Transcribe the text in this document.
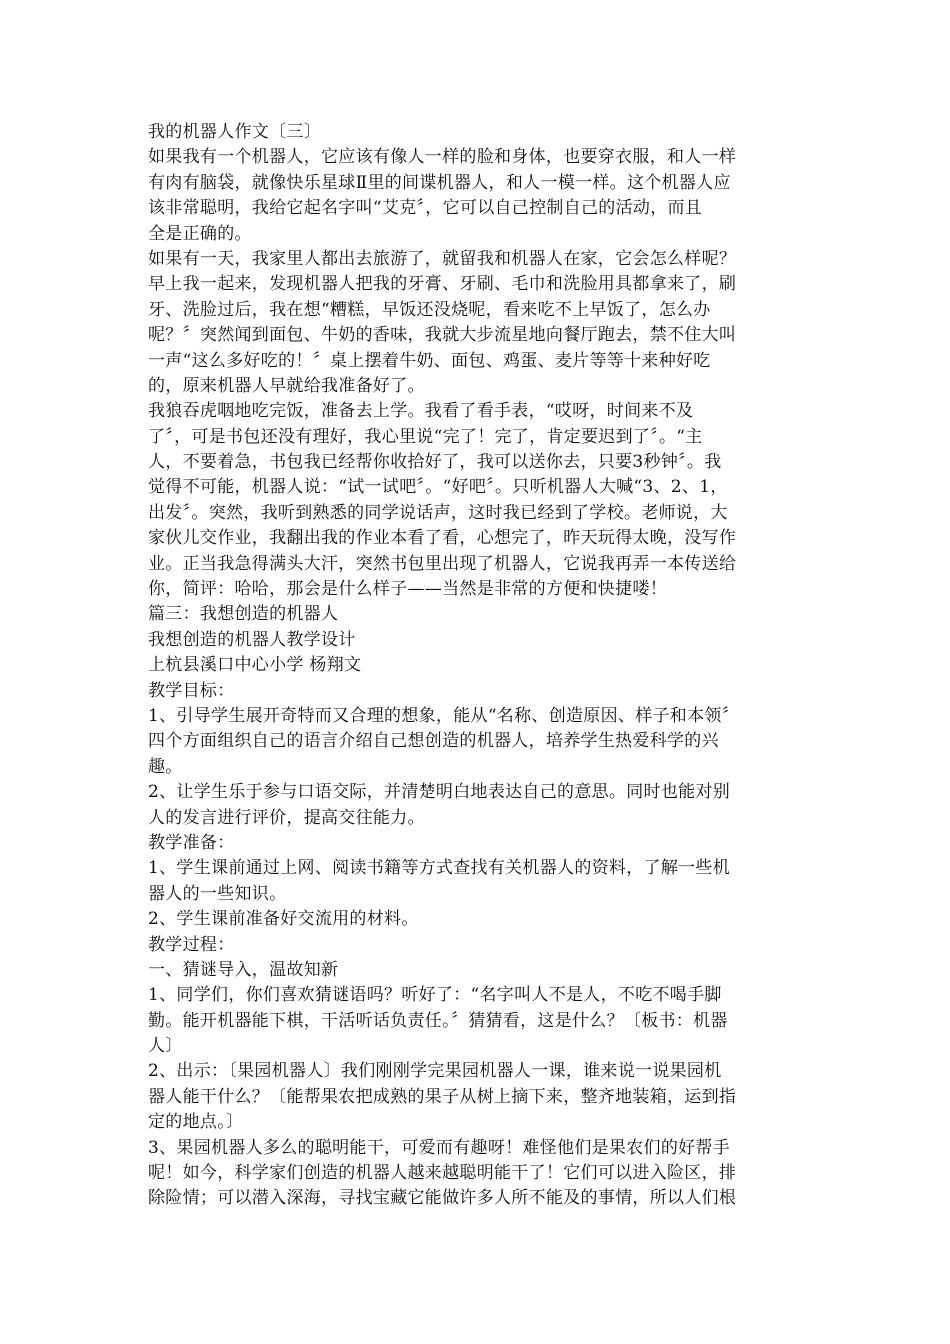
我的机器人作文〔三〕
如果我有一个机器人，它应该有像人一样的脸和身体，也要穿衣服，和人一样
有肉有脑袋，就像快乐星球Ⅱ里的间谍机器人，和人一模一样。这个机器人应
该非常聪明，我给它起名字叫“艾克〞，它可以自己控制自己的活动，而且
全是正确的。
如果有一天，我家里人都出去旅游了，就留我和机器人在家，它会怎么样呢？
早上我一起来，发现机器人把我的牙膏、牙刷、毛巾和洗脸用具都拿来了，刷
牙、洗脸过后，我在想“糟糕，早饭还没烧呢，看来吃不上早饭了，怎么办
呢？〞突然闻到面包、牛奶的香味，我就大步流星地向餐厅跑去，禁不住大叫
一声“这么多好吃的！〞桌上摆着牛奶、面包、鸡蛋、麦片等等十来种好吃
的，原来机器人早就给我准备好了。
我狼吞虎咽地吃完饭，准备去上学。我看了看手表，“哎呀，时间来不及
了〞，可是书包还没有理好，我心里说“完了！完了，肯定要迟到了〞。“主
人，不要着急，书包我已经帮你收拾好了，我可以送你去，只要3秒钟〞。我
觉得不可能，机器人说：“试一试吧〞。“好吧〞。只听机器人大喊“3、2、1，
出发〞。突然，我听到熟悉的同学说话声，这时我已经到了学校。老师说，大
家伙儿交作业，我翻出我的作业本看了看，心想完了，昨天玩得太晚，没写作
业。正当我急得满头大汗，突然书包里出现了机器人，它说我再弄一本传送给
你，简评：哈哈，那会是什么样子——当然是非常的方便和快捷喽！
篇三：我想创造的机器人
我想创造的机器人教学设计
上杭县溪口中心小学 杨翔文
教学目标：
1、引导学生展开奇特而又合理的想象，能从“名称、创造原因、样子和本领〞
四个方面组织自己的语言介绍自己想创造的机器人，培养学生热爱科学的兴
趣。
2、让学生乐于参与口语交际，并清楚明白地表达自己的意思。同时也能对别
人的发言进行评价，提高交往能力。
教学准备：
1、学生课前通过上网、阅读书籍等方式查找有关机器人的资料，了解一些机
器人的一些知识。
2、学生课前准备好交流用的材料。
教学过程：
一、猜谜导入，温故知新
1、同学们，你们喜欢猜谜语吗？听好了：“名字叫人不是人，不吃不喝手脚
勤。能开机器能下棋，干活听话负责任。〞猜猜看，这是什么？〔板书：机器
人〕
2、出示：〔果园机器人〕我们刚刚学完果园机器人一课，谁来说一说果园机
器人能干什么？〔能帮果农把成熟的果子从树上摘下来，整齐地装箱，运到指
定的地点。〕
3、果园机器人多么的聪明能干，可爱而有趣呀！难怪他们是果农们的好帮手
呢！如今，科学家们创造的机器人越来越聪明能干了！它们可以进入险区，排
除险情；可以潜入深海，寻找宝藏它能做许多人所不能及的事情，所以人们根
